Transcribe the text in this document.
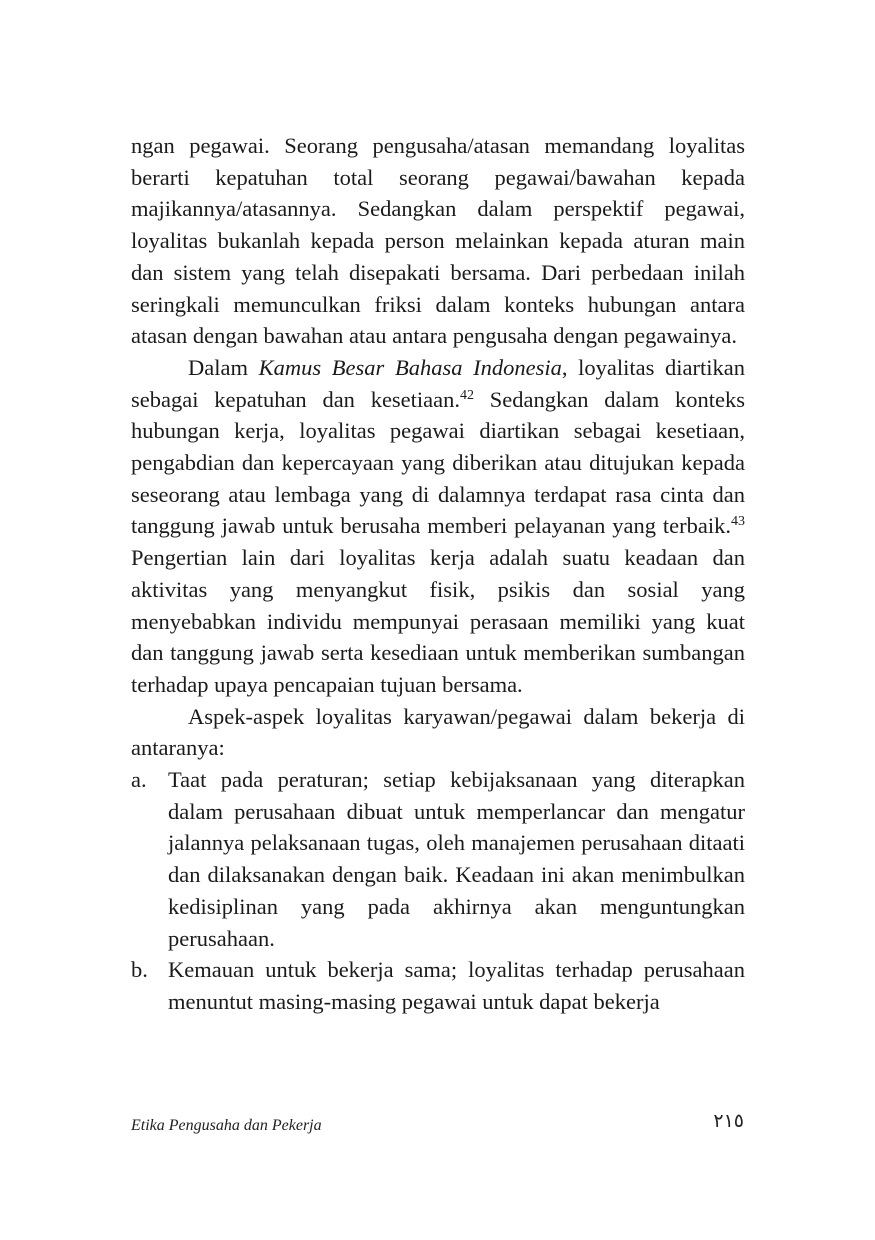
ngan pegawai. Seorang pengusaha/atasan memandang loyalitas berarti kepatuhan total seorang pegawai/bawahan kepada majikannya/atasannya. Sedangkan dalam perspektif pegawai, loyalitas bukanlah kepada person melainkan kepada aturan main dan sistem yang telah disepakati bersama. Dari perbedaan inilah seringkali memunculkan friksi dalam konteks hubungan antara atasan dengan bawahan atau antara pengusaha dengan pegawainya.

Dalam Kamus Besar Bahasa Indonesia, loyalitas diartikan sebagai kepatuhan dan kesetiaan.$^{42}$ Sedangkan dalam konteks hubungan kerja, loyalitas pegawai diartikan sebagai kesetiaan, pengabdian dan kepercayaan yang diberikan atau ditujukan kepada seseorang atau lembaga yang di dalamnya terdapat rasa cinta dan tanggung jawab untuk berusaha memberi pelayanan yang terbaik.$^{43}$ Pengertian lain dari loyalitas kerja adalah suatu keadaan dan aktivitas yang menyangkut fisik, psikis dan sosial yang menyebabkan individu mempunyai perasaan memiliki yang kuat dan tanggung jawab serta kesediaan untuk memberikan sumbangan terhadap upaya pencapaian tujuan bersama.

Aspek-aspek loyalitas karyawan/pegawai dalam bekerja di antaranya:

a. Taat pada peraturan; setiap kebijaksanaan yang diterapkan dalam perusahaan dibuat untuk memperlancar dan mengatur jalannya pelaksanaan tugas, oleh manajemen perusahaan ditaati dan dilaksanakan dengan baik. Keadaan ini akan menimbulkan kedisiplinan yang pada akhirnya akan menguntungkan perusahaan.
b. Kemauan untuk bekerja sama; loyalitas terhadap perusahaan menuntut masing-masing pegawai untuk dapat bekerja
Etika Pengusaha dan Pekerja	٢١٥
